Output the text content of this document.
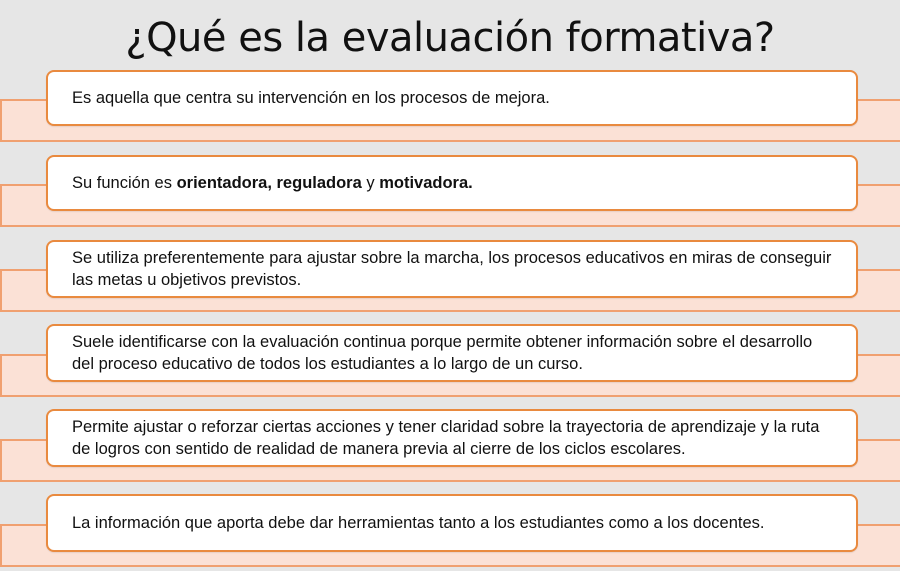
¿Qué es la evaluación formativa?
Es aquella que centra su intervención en los procesos de mejora.
Su función es orientadora, reguladora y motivadora.
Se utiliza preferentemente para ajustar sobre la marcha, los procesos educativos en miras de conseguir las metas u objetivos previstos.
Suele identificarse con la evaluación continua porque permite obtener información sobre el desarrollo del proceso educativo de todos los estudiantes a lo largo de un curso.
Permite ajustar o reforzar ciertas acciones y tener claridad sobre la trayectoria de aprendizaje y la ruta de logros con sentido de realidad de manera previa al cierre de los ciclos escolares.
La información que aporta debe dar herramientas tanto a los estudiantes como a los docentes.
